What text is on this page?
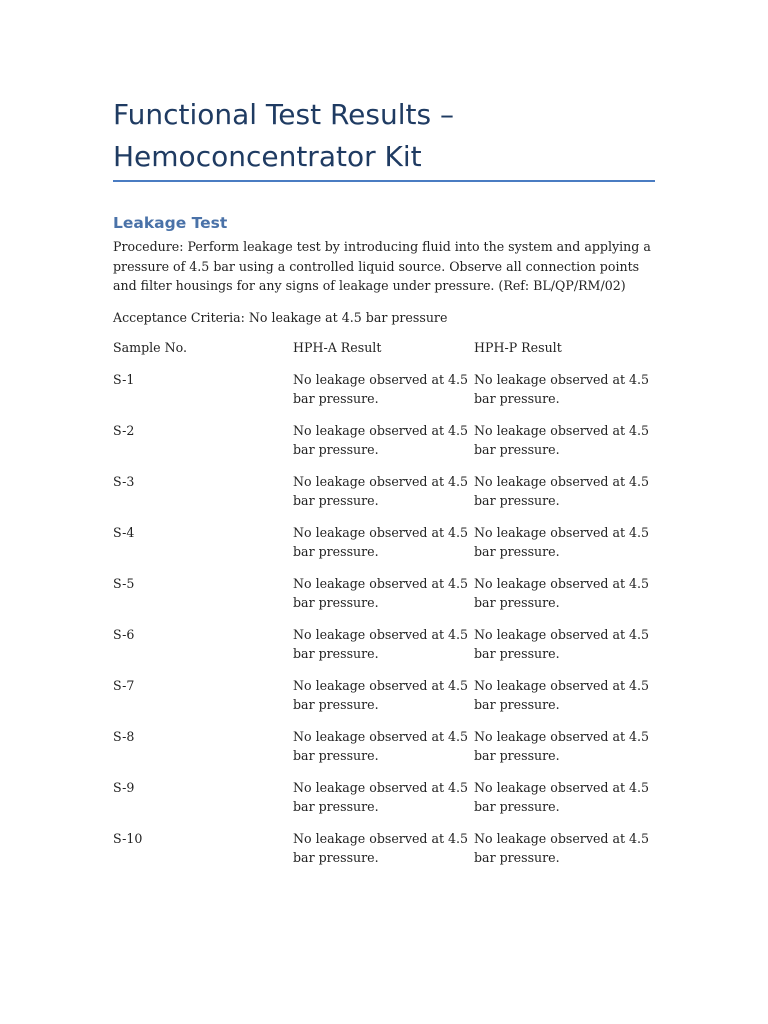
Functional Test Results –
Hemoconcentrator Kit
Leakage Test

Procedure: Perform leakage test by introducing fluid into the system and applying a pressure of 4.5 bar using a controlled liquid source. Observe all connection points and filter housings for any signs of leakage under pressure. (Ref: BL/QP/RM/02)

Acceptance Criteria: No leakage at 4.5 bar pressure

Sample No.	HPH-A Result	HPH-P Result
S-1	No leakage observed at 4.5 bar pressure.	No leakage observed at 4.5 bar pressure.
S-2	No leakage observed at 4.5 bar pressure.	No leakage observed at 4.5 bar pressure.
S-3	No leakage observed at 4.5 bar pressure.	No leakage observed at 4.5 bar pressure.
S-4	No leakage observed at 4.5 bar pressure.	No leakage observed at 4.5 bar pressure.
S-5	No leakage observed at 4.5 bar pressure.	No leakage observed at 4.5 bar pressure.
S-6	No leakage observed at 4.5 bar pressure.	No leakage observed at 4.5 bar pressure.
S-7	No leakage observed at 4.5 bar pressure.	No leakage observed at 4.5 bar pressure.
S-8	No leakage observed at 4.5 bar pressure.	No leakage observed at 4.5 bar pressure.
S-9	No leakage observed at 4.5 bar pressure.	No leakage observed at 4.5 bar pressure.
S-10	No leakage observed at 4.5 bar pressure.	No leakage observed at 4.5 bar pressure.
